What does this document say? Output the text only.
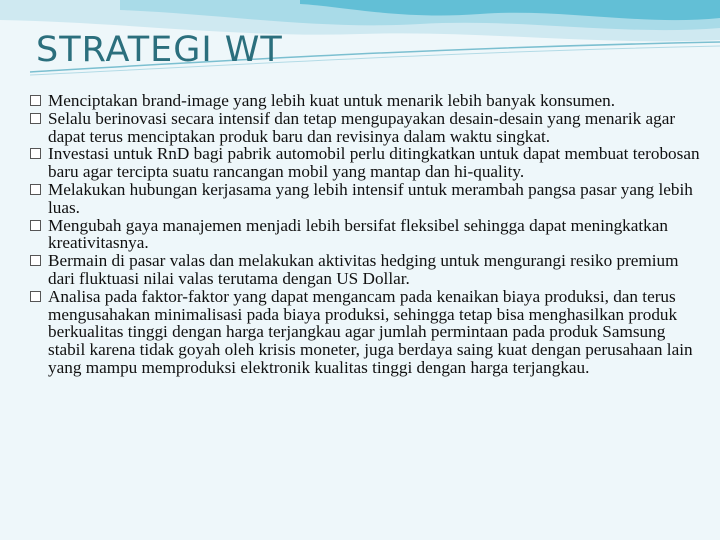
STRATEGI WT
Menciptakan brand-image yang lebih kuat untuk menarik lebih banyak konsumen.
Selalu berinovasi secara intensif dan tetap mengupayakan desain-desain yang menarik agar dapat terus menciptakan produk baru dan revisinya dalam waktu singkat.
Investasi untuk RnD bagi pabrik automobil perlu ditingkatkan untuk dapat membuat terobosan baru agar tercipta suatu rancangan mobil yang mantap dan hi-quality.
Melakukan hubungan kerjasama yang lebih intensif untuk merambah pangsa pasar yang lebih luas.
Mengubah gaya manajemen menjadi lebih bersifat fleksibel sehingga dapat meningkatkan kreativitasnya.
Bermain di pasar valas dan melakukan aktivitas hedging untuk mengurangi resiko premium dari fluktuasi nilai valas terutama dengan US Dollar.
Analisa pada faktor-faktor yang dapat mengancam pada kenaikan biaya produksi, dan terus mengusahakan minimalisasi pada biaya produksi, sehingga tetap bisa menghasilkan produk berkualitas tinggi dengan harga terjangkau agar jumlah permintaan pada produk Samsung stabil karena tidak goyah oleh krisis moneter, juga berdaya saing kuat dengan perusahaan lain yang mampu memproduksi elektronik kualitas tinggi dengan harga terjangkau.
